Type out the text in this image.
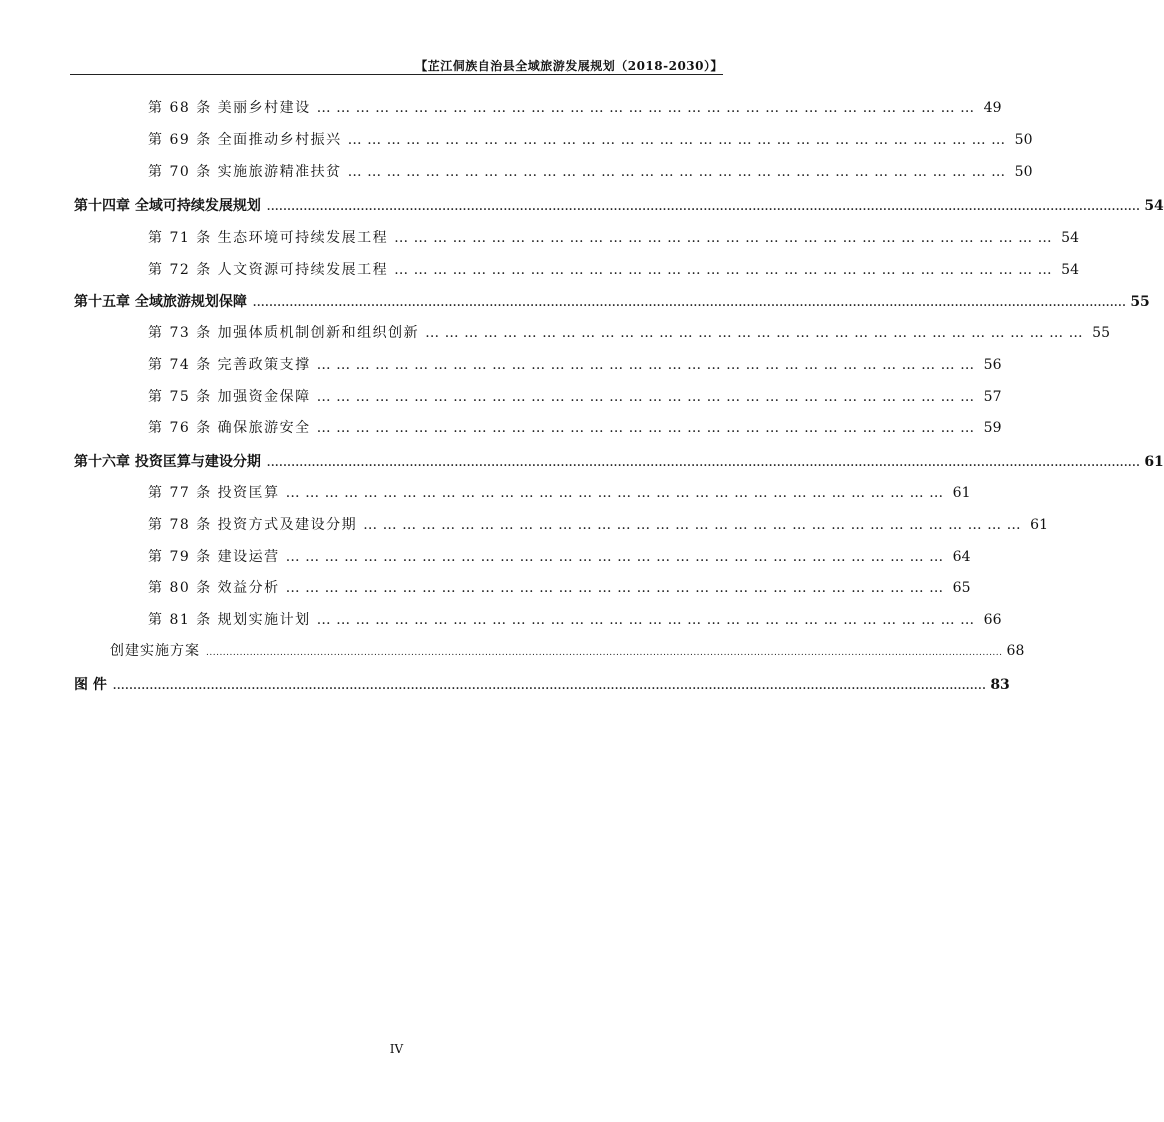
【芷江侗族自治县全域旅游发展规划（2018-2030）】
第 68 条 美丽乡村建设 ………………………………………………………………………………………… 49
第 69 条 全面推动乡村振兴 ………………………………………………………………………………………… 50
第 70 条 实施旅游精准扶贫 ………………………………………………………………………………………… 50
第十四章 全域可持续发展规划 ...................................................................................................................................................................................................................... 54
第 71 条 生态环境可持续发展工程 ………………………………………………………………………………………… 54
第 72 条 人文资源可持续发展工程 ………………………………………………………………………………………… 54
第十五章 全域旅游规划保障 ...................................................................................................................................................................................................................... 55
第 73 条 加强体质机制创新和组织创新 ………………………………………………………………………………………… 55
第 74 条 完善政策支撑 ………………………………………………………………………………………… 56
第 75 条 加强资金保障 ………………………………………………………………………………………… 57
第 76 条 确保旅游安全 ………………………………………………………………………………………… 59
第十六章 投资匡算与建设分期 ...................................................................................................................................................................................................................... 61
第 77 条 投资匡算 ………………………………………………………………………………………… 61
第 78 条 投资方式及建设分期 ………………………………………………………………………………………… 61
第 79 条 建设运营 ………………………………………………………………………………………… 64
第 80 条 效益分析 ………………………………………………………………………………………… 65
第 81 条 规划实施计划 ………………………………………………………………………………………… 66
创建实施方案 ............................................................................................................................................................................................................................................. 68
图 件 ...................................................................................................................................................................................................................... 83
IV
